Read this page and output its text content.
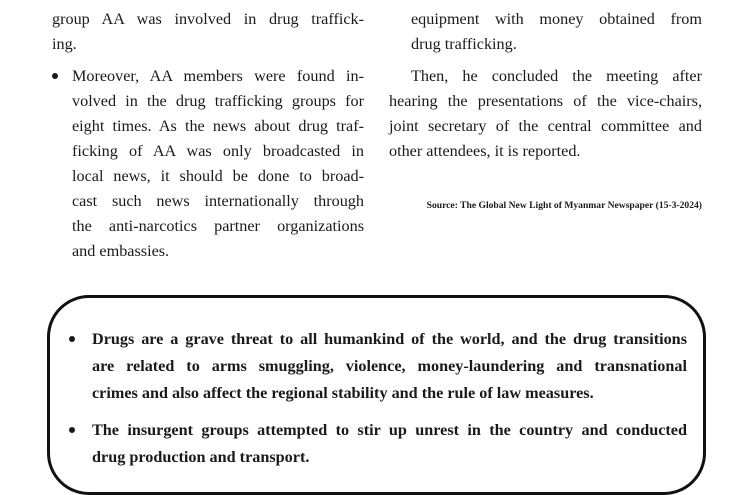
group AA was involved in drug traffick-
ing.
Moreover, AA members were found in-
volved in the drug trafficking groups for
eight times. As the news about drug traf-
ficking of AA was only broadcasted in
local news, it should be done to broad-
cast such news internationally through
the anti-narcotics partner organizations
and embassies.
equipment with money obtained from
drug trafficking.
Then, he concluded the meeting after
hearing the presentations of the vice-chairs,
joint secretary of the central committee and
other attendees, it is reported.
Source: The Global New Light of Myanmar Newspaper (15-3-2024)
Drugs are a grave threat to all humankind of the world, and the drug transitions
are related to arms smuggling, violence, money-laundering and transnational
crimes and also affect the regional stability and the rule of law measures.
The insurgent groups attempted to stir up unrest in the country and conducted
drug production and transport.
